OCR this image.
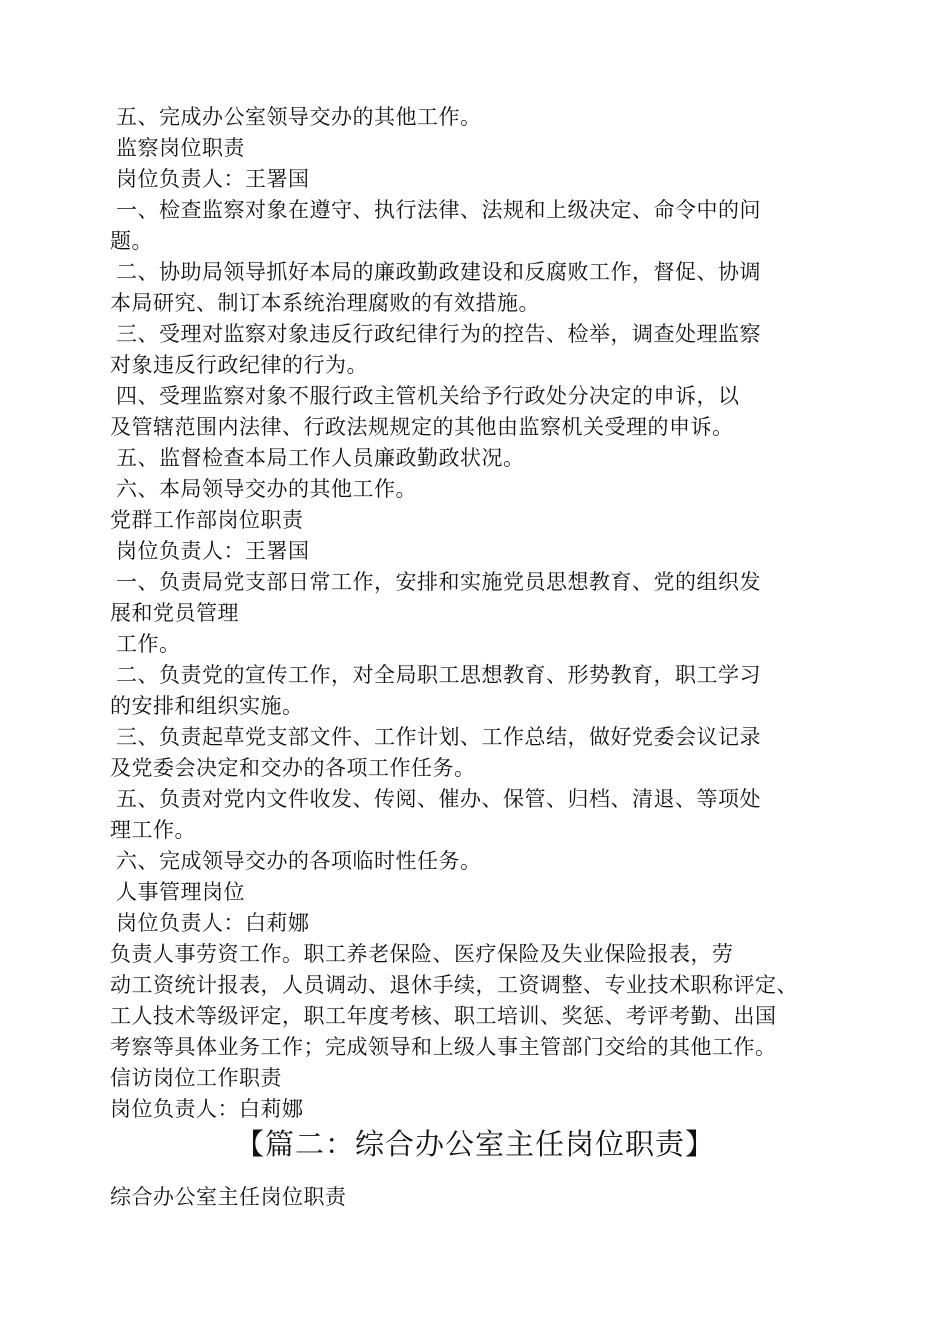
五、完成办公室领导交办的其他工作。
监察岗位职责
岗位负责人：王署国
一、检查监察对象在遵守、执行法律、法规和上级决定、命令中的问
题。
二、协助局领导抓好本局的廉政勤政建设和反腐败工作，督促、协调
本局研究、制订本系统治理腐败的有效措施。
三、受理对监察对象违反行政纪律行为的控告、检举，调查处理监察
对象违反行政纪律的行为。
四、受理监察对象不服行政主管机关给予行政处分决定的申诉，以
及管辖范围内法律、行政法规规定的其他由监察机关受理的申诉。
五、监督检查本局工作人员廉政勤政状况。
六、本局领导交办的其他工作。
党群工作部岗位职责
岗位负责人：王署国
一、负责局党支部日常工作，安排和实施党员思想教育、党的组织发
展和党员管理
工作。
二、负责党的宣传工作，对全局职工思想教育、形势教育，职工学习
的安排和组织实施。
三、负责起草党支部文件、工作计划、工作总结，做好党委会议记录
及党委会决定和交办的各项工作任务。
五、负责对党内文件收发、传阅、催办、保管、归档、清退、等项处
理工作。
六、完成领导交办的各项临时性任务。
人事管理岗位
岗位负责人：白莉娜
负责人事劳资工作。职工养老保险、医疗保险及失业保险报表，劳
动工资统计报表，人员调动、退休手续，工资调整、专业技术职称评定、
工人技术等级评定，职工年度考核、职工培训、奖惩、考评考勤、出国
考察等具体业务工作；完成领导和上级人事主管部门交给的其他工作。
信访岗位工作职责
岗位负责人：白莉娜
【篇二：综合办公室主任岗位职责】
综合办公室主任岗位职责
